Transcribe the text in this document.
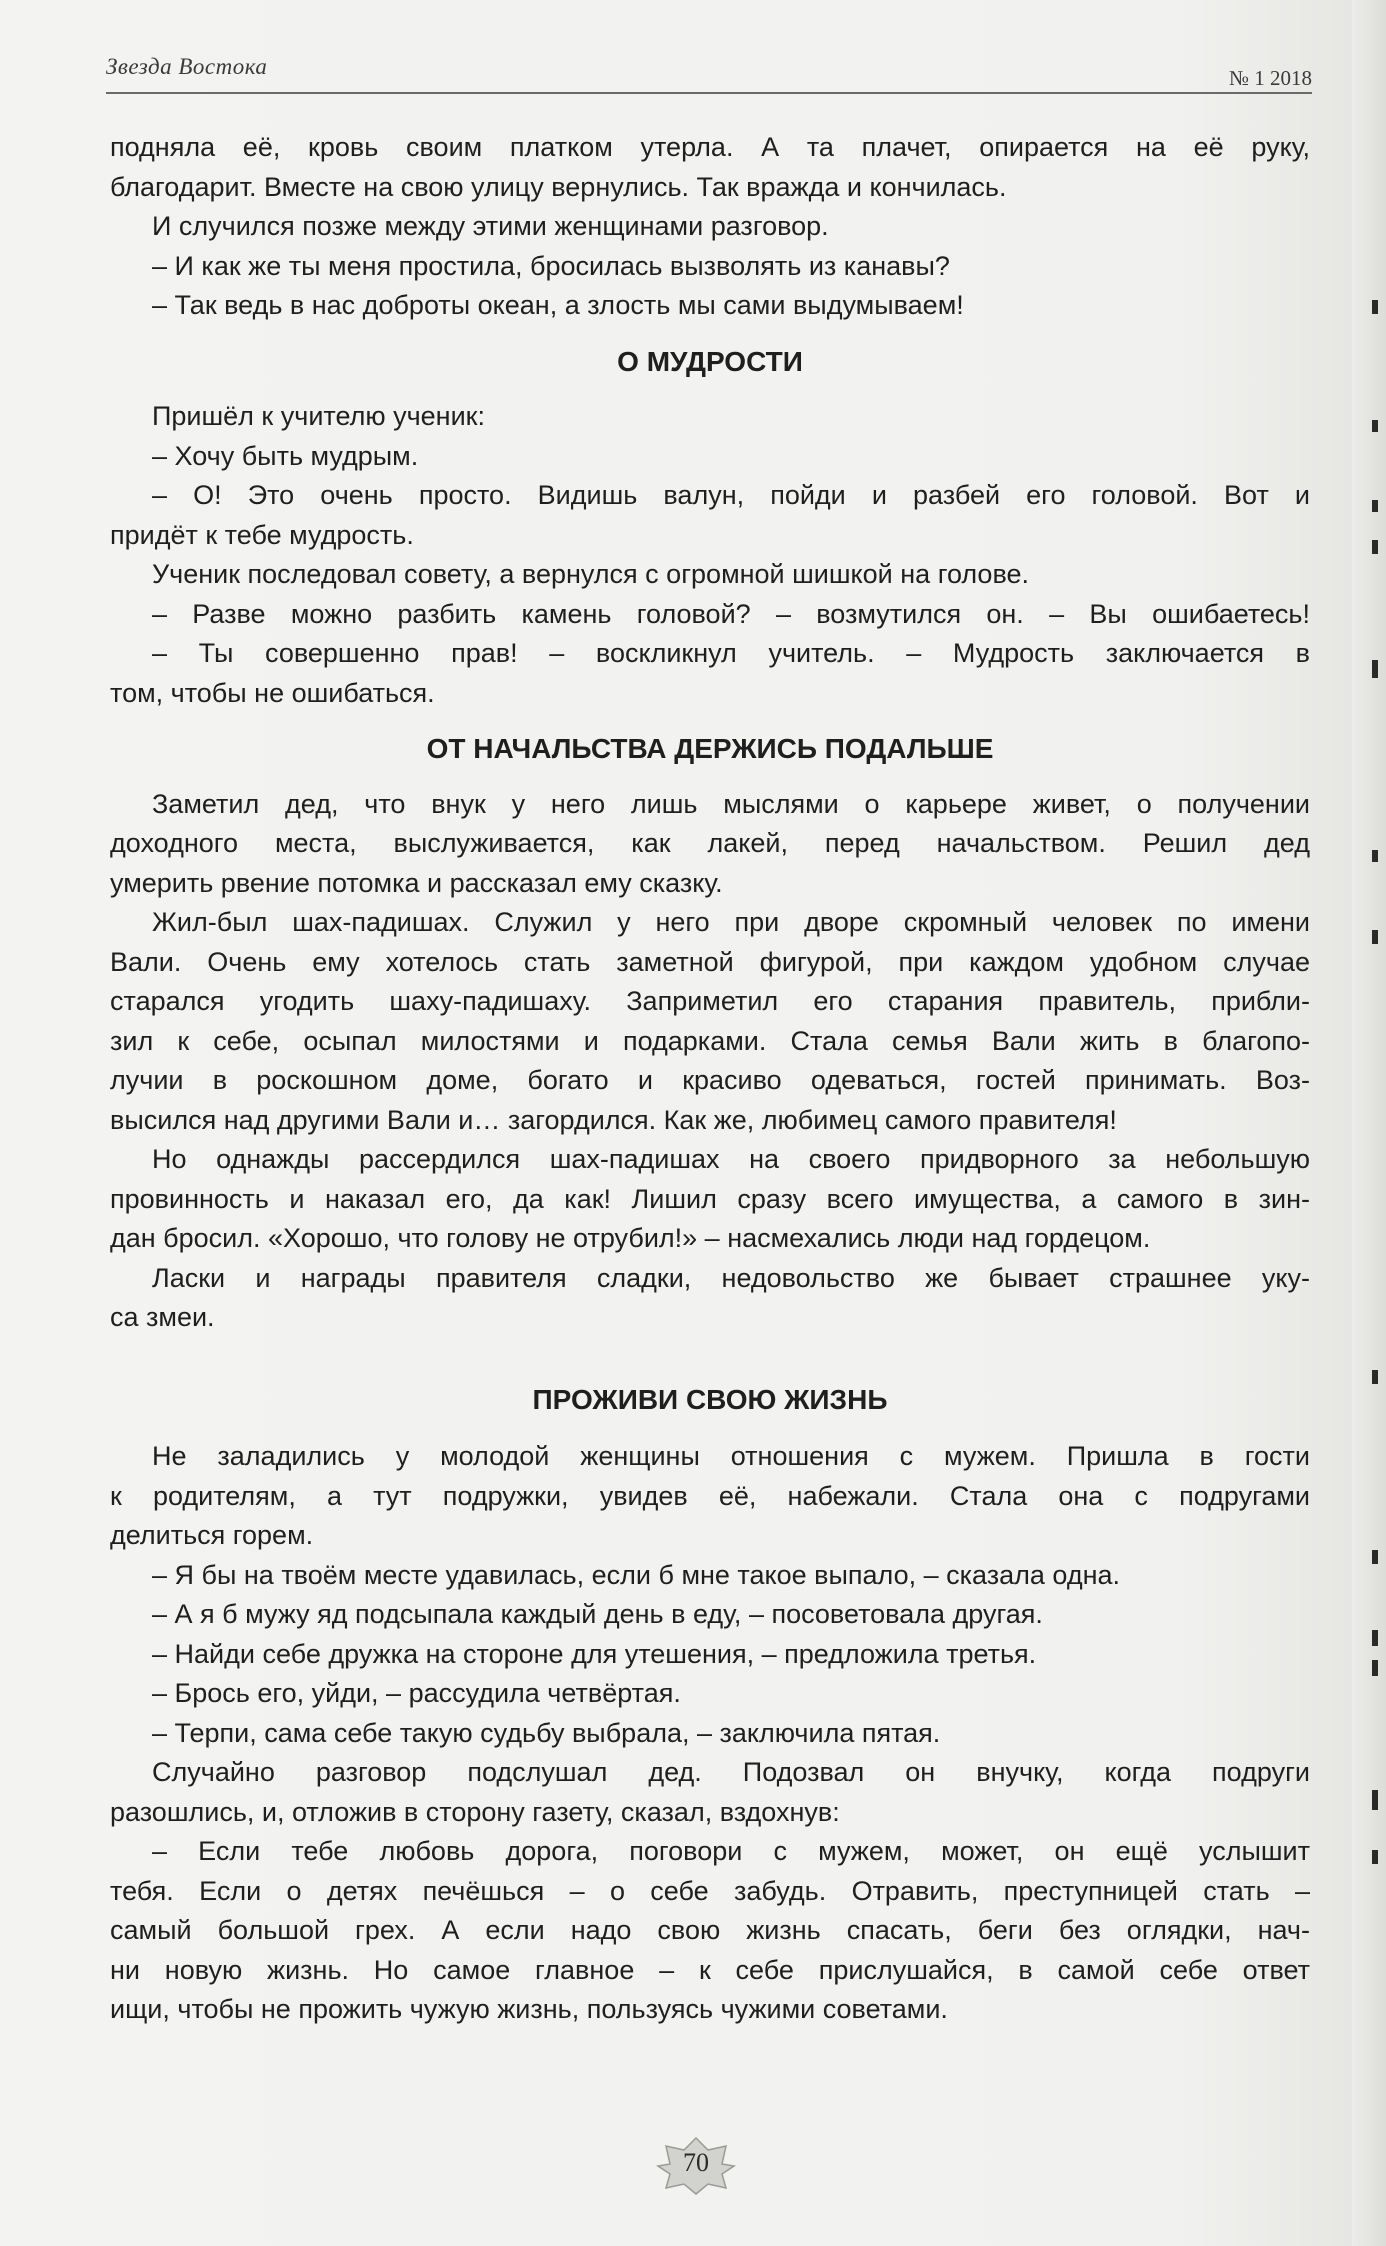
Звезда Востока	№ 1 2018

подняла её, кровь своим платком утерла. А та плачет, опирается на её руку,

благодарит. Вместе на свою улицу вернулись. Так вражда и кончилась.

И случился позже между этими женщинами разговор.

– И как же ты меня простила, бросилась вызволять из канавы?

– Так ведь в нас доброты океан, а злость мы сами выдумываем!

О МУДРОСТИ

Пришёл к учителю ученик:

– Хочу быть мудрым.

– О! Это очень просто. Видишь валун, пойди и разбей его головой. Вот и

придёт к тебе мудрость.

Ученик последовал совету, а вернулся с огромной шишкой на голове.

– Разве можно разбить камень головой? – возмутился он. – Вы ошибаетесь!

– Ты совершенно прав! – воскликнул учитель. – Мудрость заключается в

том, чтобы не ошибаться.

ОТ НАЧАЛЬСТВА ДЕРЖИСЬ ПОДАЛЬШЕ

Заметил дед, что внук у него лишь мыслями о карьере живет, о получении

доходного места, выслуживается, как лакей, перед начальством. Решил дед

умерить рвение потомка и рассказал ему сказку.

Жил-был шах-падишах. Служил у него при дворе скромный человек по имени

Вали. Очень ему хотелось стать заметной фигурой, при каждом удобном случае

старался угодить шаху-падишаху. Заприметил его старания правитель, прибли-

зил к себе, осыпал милостями и подарками. Стала семья Вали жить в благопо-

лучии в роскошном доме, богато и красиво одеваться, гостей принимать. Воз-

высился над другими Вали и… загордился. Как же, любимец самого правителя!

Но однажды рассердился шах-падишах на своего придворного за небольшую

провинность и наказал его, да как! Лишил сразу всего имущества, а самого в зин-

дан бросил. «Хорошо, что голову не отрубил!» – насмехались люди над гордецом.

Ласки и награды правителя сладки, недовольство же бывает страшнее уку-

са змеи.

ПРОЖИВИ СВОЮ ЖИЗНЬ

Не заладились у молодой женщины отношения с мужем. Пришла в гости

к родителям, а тут подружки, увидев её, набежали. Стала она с подругами

делиться горем.

– Я бы на твоём месте удавилась, если б мне такое выпало, – сказала одна.

– А я б мужу яд подсыпала каждый день в еду, – посоветовала другая.

– Найди себе дружка на стороне для утешения, – предложила третья.

– Брось его, уйди, – рассудила четвёртая.

– Терпи, сама себе такую судьбу выбрала, – заключила пятая.

Случайно разговор подслушал дед. Подозвал он внучку, когда подруги

разошлись, и, отложив в сторону газету, сказал, вздохнув:

– Если тебе любовь дорога, поговори с мужем, может, он ещё услышит

тебя. Если о детях печёшься – о себе забудь. Отравить, преступницей стать –

самый большой грех. А если надо свою жизнь спасать, беги без оглядки, нач-

ни новую жизнь. Но самое главное – к себе прислушайся, в самой себе ответ

ищи, чтобы не прожить чужую жизнь, пользуясь чужими советами.

70
